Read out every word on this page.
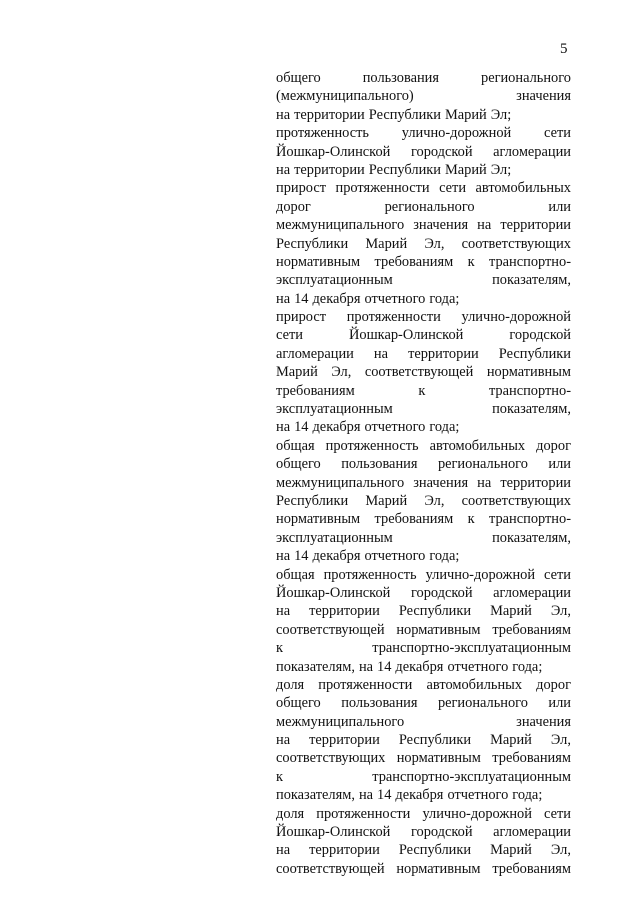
5
общего	пользования	регионального
(межмуниципального)	значения
на территории Республики Марий Эл;
протяженность улично-дорожной сети
Йошкар-Олинской городской агломерации
на территории Республики Марий Эл;
прирост протяженности сети автомобильных
дорог	регионального	или
межмуниципального значения на территории
Республики Марий Эл, соответствующих
нормативным требованиям к транспортно-
эксплуатационным	показателям,
на 14 декабря отчетного года;
прирост протяженности улично-дорожной
сети	Йошкар-Олинской	городской
агломерации на территории Республики
Марий Эл, соответствующей нормативным
требованиям	к	транспортно-
эксплуатационным	показателям,
на 14 декабря отчетного года;
общая протяженность автомобильных дорог
общего пользования регионального или
межмуниципального значения на территории
Республики Марий Эл, соответствующих
нормативным требованиям к транспортно-
эксплуатационным	показателям,
на 14 декабря отчетного года;
общая протяженность улично-дорожной сети
Йошкар-Олинской городской агломерации
на территории Республики Марий Эл,
соответствующей нормативным требованиям
к	транспортно-эксплуатационным
показателям, на 14 декабря отчетного года;
доля протяженности автомобильных дорог
общего пользования регионального или
межмуниципального	значения
на территории Республики Марий Эл,
соответствующих нормативным требованиям
к	транспортно-эксплуатационным
показателям, на 14 декабря отчетного года;
доля протяженности улично-дорожной сети
Йошкар-Олинской городской агломерации
на территории Республики Марий Эл,
соответствующей нормативным требованиям
